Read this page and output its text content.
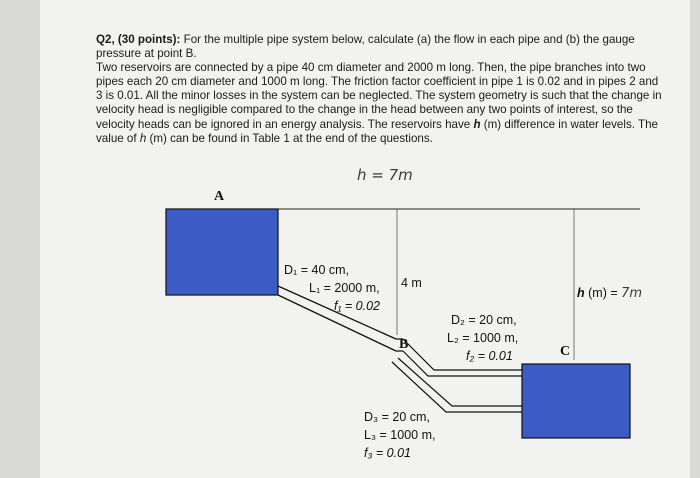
Q2, (30 points): For the multiple pipe system below, calculate (a) the flow in each pipe and (b) the gauge pressure at point B.

Two reservoirs are connected by a pipe 40 cm diameter and 2000 m long. Then, the pipe branches into two pipes each 20 cm diameter and 1000 m long. The friction factor coefficient in pipe 1 is 0.02 and in pipes 2 and 3 is 0.01. All the minor losses in the system can be neglected. The system geometry is such that the change in velocity head is negligible compared to the change in the head between any two points of interest, so the velocity heads can be ignored in an energy analysis. The reservoirs have h (m) difference in water levels. The value of h (m) can be found in Table 1 at the end of the questions.

h = 7m
A
B	C
4 m
h (m) = 7m
D₁ = 40 cm,
L₁ = 2000 m,
f₁ = 0.02
D₂ = 20 cm,
L₂ = 1000 m,
f₂ = 0.01
D₃ = 20 cm,
L₃ = 1000 m,
f₃ = 0.01
